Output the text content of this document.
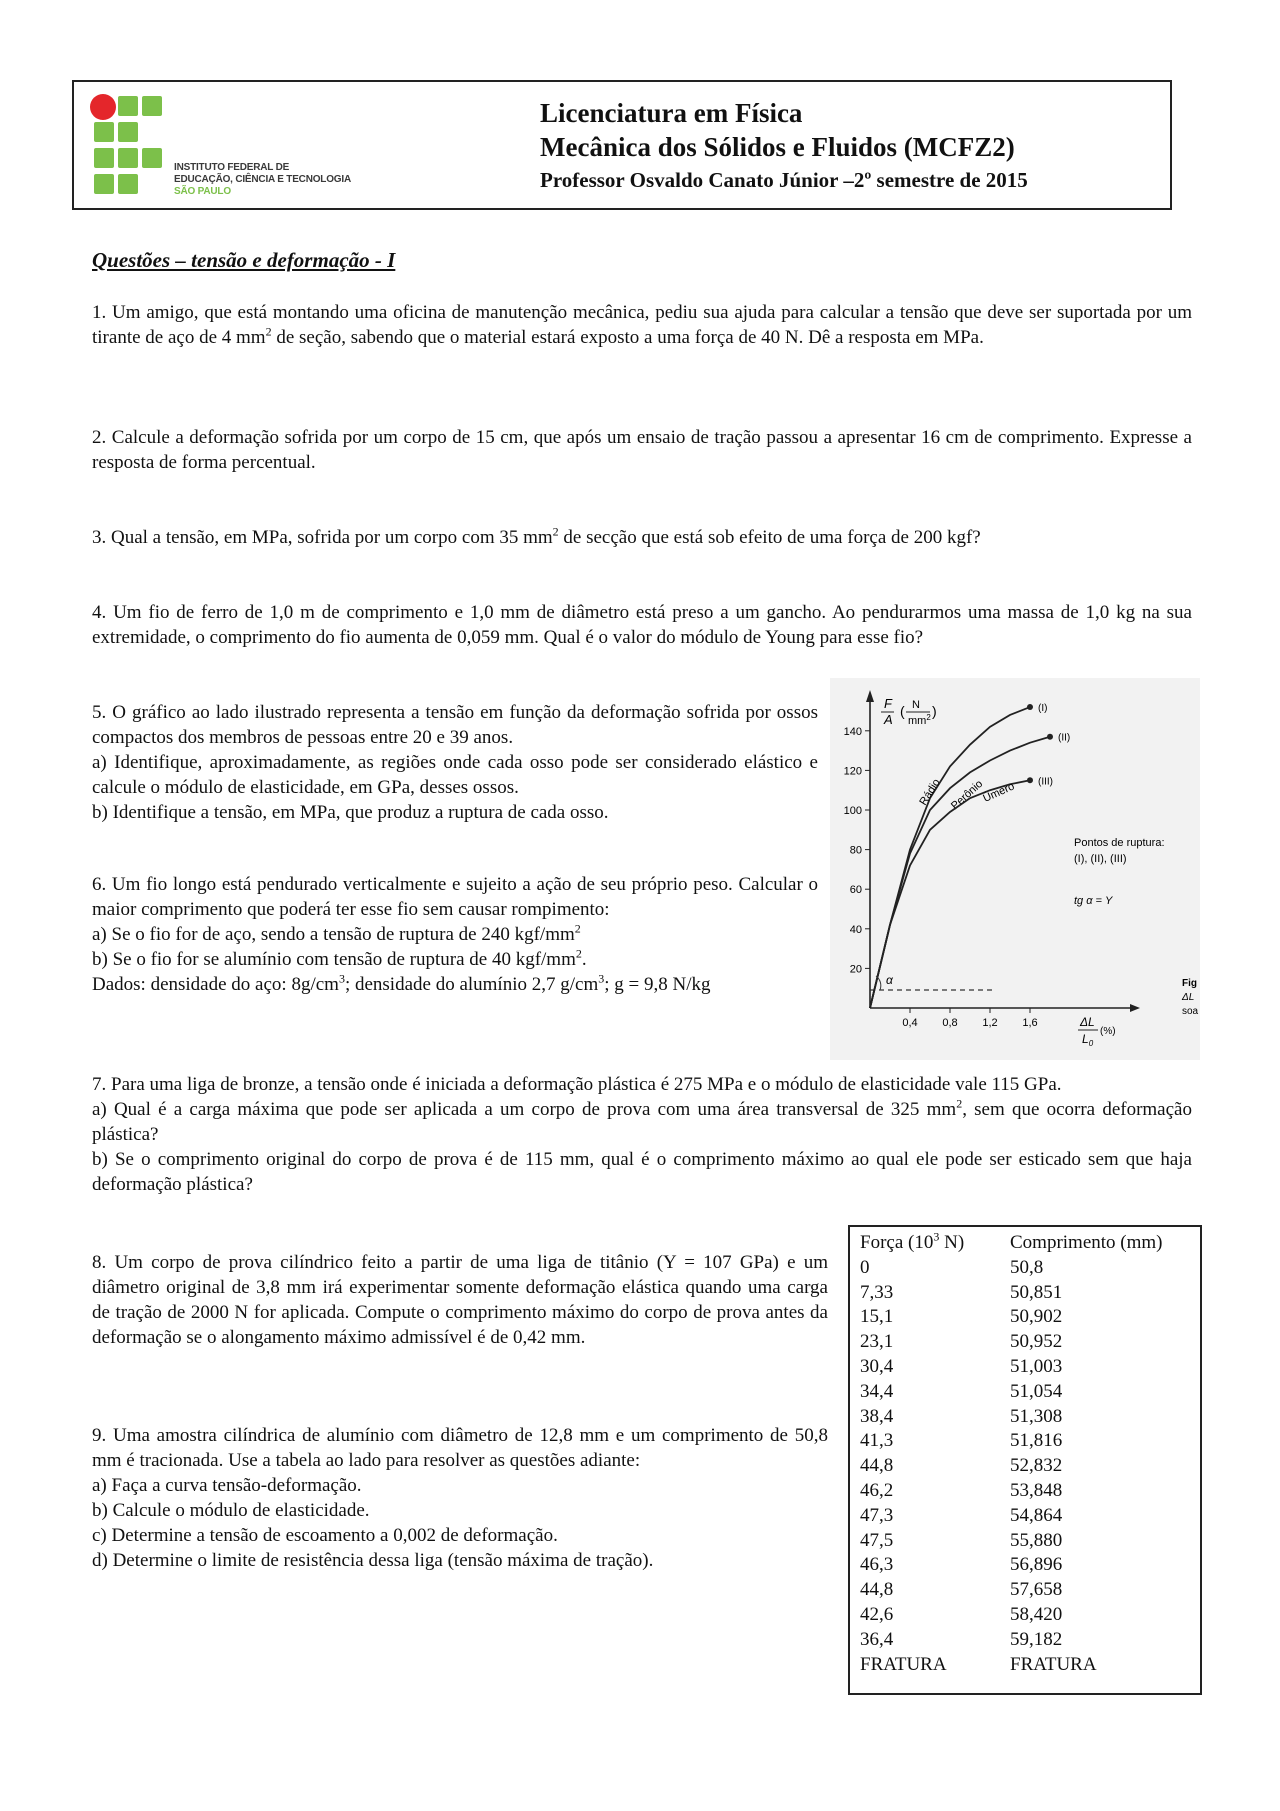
INSTITUTO FEDERAL DE
EDUCAÇÃO, CIÊNCIA E TECNOLOGIA
SÃO PAULO
Licenciatura em Física
Mecânica dos Sólidos e Fluidos (MCFZ2)
Professor Osvaldo Canato Júnior –2º semestre de 2015
Questões – tensão e deformação - I

1. Um amigo, que está montando uma oficina de manutenção mecânica, pediu sua ajuda para calcular a tensão que deve ser suportada por um tirante de aço de 4 $mm^2$ de seção, sabendo que o material estará exposto a uma força de 40 N. Dê a resposta em MPa.

2. Calcule a deformação sofrida por um corpo de 15 cm, que após um ensaio de tração passou a apresentar 16 cm de comprimento. Expresse a resposta de forma percentual.

3. Qual a tensão, em MPa, sofrida por um corpo com 35 $mm^2$ de secção que está sob efeito de uma força de 200 kgf?

4. Um fio de ferro de 1,0 m de comprimento e 1,0 mm de diâmetro está preso a um gancho. Ao pendurarmos uma massa de 1,0 kg na sua extremidade, o comprimento do fio aumenta de 0,059 mm. Qual é o valor do módulo de Young para esse fio?

5. O gráfico ao lado ilustrado representa a tensão em função da deformação sofrida por ossos compactos dos membros de pessoas entre 20 e 39 anos.

a) Identifique, aproximadamente, as regiões onde cada osso pode ser considerado elástico e calcule o módulo de elasticidade, em GPa, desses ossos.

b) Identifique a tensão, em MPa, que produz a ruptura de cada osso.

6. Um fio longo está pendurado verticalmente e sujeito a ação de seu próprio peso. Calcular o maior comprimento que poderá ter esse fio sem causar rompimento:

a) Se o fio for de aço, sendo a tensão de ruptura de 240 kgf/$mm^2$

b) Se o fio for se alumínio com tensão de ruptura de 40 kgf/$mm^2$.

Dados: densidade do aço: $8g/cm^3$; densidade do alumínio 2,7 $g/cm^3$; g = 9,8 N/kg

20
40
60
80
100
120
140
0,4 0,8 1,2 1,6
(I)
Rádio
(II)
Perônio	(III)
Úmero
F
A
( N
$mm^2$ )
ΔL
$L_0$
(%)
α
Pontos de ruptura:
(I), (II), (III)
tg α = Y
Fig
ΔL
soa

7. Para uma liga de bronze, a tensão onde é iniciada a deformação plástica é 275 MPa e o módulo de elasticidade vale 115 GPa.

a) Qual é a carga máxima que pode ser aplicada a um corpo de prova com uma área transversal de 325 $mm^2$, sem que ocorra deformação plástica?

b) Se o comprimento original do corpo de prova é de 115 mm, qual é o comprimento máximo ao qual ele pode ser esticado sem que haja deformação plástica?

8. Um corpo de prova cilíndrico feito a partir de uma liga de titânio (Y = 107 GPa) e um diâmetro original de 3,8 mm irá experimentar somente deformação elástica quando uma carga de tração de 2000 N for aplicada. Compute o comprimento máximo do corpo de prova antes da deformação se o alongamento máximo admissível é de 0,42 mm.

9. Uma amostra cilíndrica de alumínio com diâmetro de 12,8 mm e um comprimento de 50,8 mm é tracionada. Use a tabela ao lado para resolver as questões adiante:

a) Faça a curva tensão-deformação.

b) Calcule o módulo de elasticidade.

c) Determine a tensão de escoamento a 0,002 de deformação.

d) Determine o limite de resistência dessa liga (tensão máxima de tração).

Força ($10^3$ N)	Comprimento (mm)
0	50,8
7,33	50,851
15,1	50,902
23,1	50,952
30,4	51,003
34,4	51,054
38,4	51,308
41,3	51,816
44,8	52,832
46,2	53,848
47,3	54,864
47,5	55,880
46,3	56,896
44,8	57,658
42,6	58,420
36,4	59,182
FRATURA	FRATURA
